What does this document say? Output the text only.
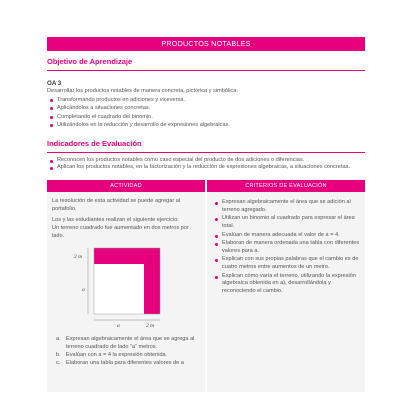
PRODUCTOS NOTABLES
Objetivo de Aprendizaje
OA 3
Desarrollar los productos notables de manera concreta, pictórica y simbólica:
Transformando productos en adiciones y viceversa.
Aplicándolos a situaciones concretas.
Completando el cuadrado del binomio.
Utilizándolos en la reducción y desarrollo de expresiones algebraicas.
Indicadores de Evaluación
Reconocen los productos notables como caso especial del producto de dos adiciones o diferencias.
Aplican los productos notables, en la factorización y la reducción de expresiones algebraicas, a situaciones concretas.
ACTIVIDAD
La resolución de esta actividad se puede agregar al portafolio.
Los y las estudiantes realizan el siguiente ejercicio:
Un terreno cuadrado fue aumentado en dos metros por lado.
2 m
a
a	2 m
a. Expresan algebraicamente el área que se agrega al terreno cuadrado de lado “a” metros.
b. Evalúan con a = 4 la expresión obtenida.
c. Elaboran una tabla para diferentes valores de a
CRITERIOS DE EVALUACIÓN
Expresan algebraicamente el área que se adición al terreno agregado.
Utilizan un binomio al cuadrado para expresar el área total.
Evalúan de manera adecuada el valor de a = 4.
Elaboran de manera ordenada una tabla con diferentes valores para a.
Explican con sus propias palabras que el cambio es de cuatro metros entre aumentos de un metro.
Explican cómo varía el terreno, utilizando la expresión algebraica obtenida en a), desarrollándola y reconociendo el cambio.
